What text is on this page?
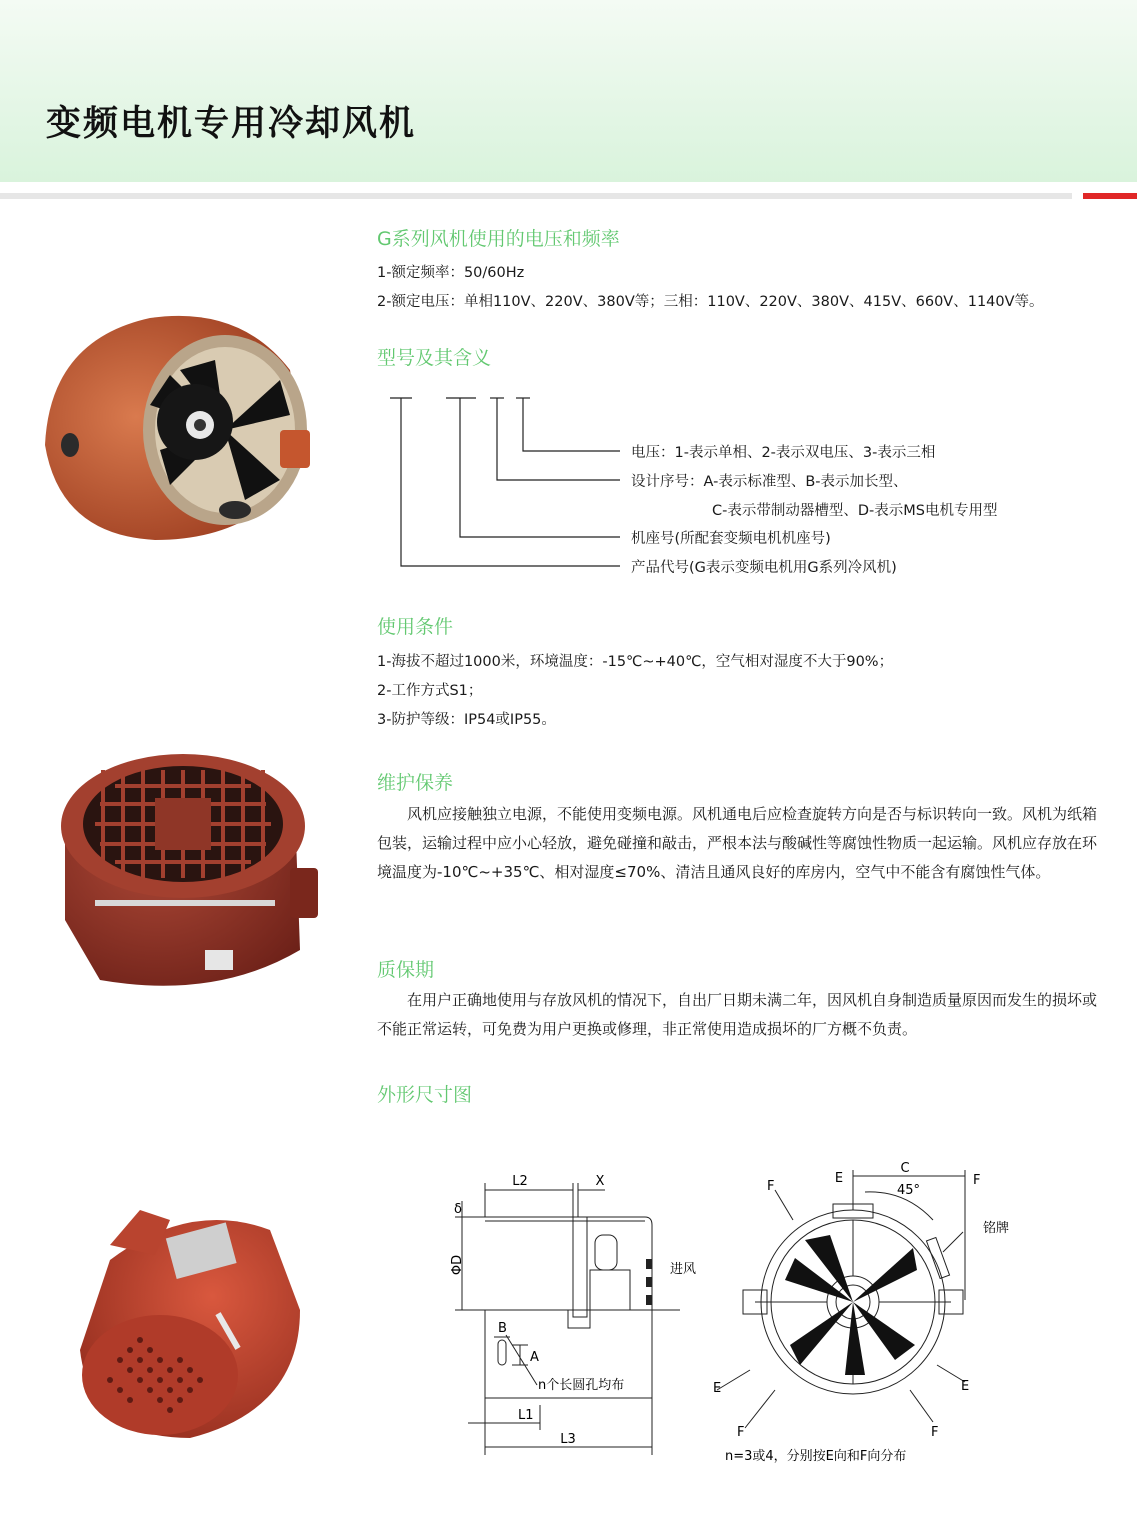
变频电机专用冷却风机
G系列风机使用的电压和频率

1-额定频率：50/60Hz

2-额定电压：单相110V、220V、380V等；三相：110V、220V、380V、415V、660V、1140V等。

型号及其含义
电压：1-表示单相、2-表示双电压、3-表示三相
设计序号：A-表示标准型、B-表示加长型、
C-表示带制动器槽型、D-表示MS电机专用型
机座号(所配套变频电机机座号)
产品代号(G表示变频电机用G系列冷风机)
使用条件

1-海拔不超过1000米，环境温度：-15℃~+40℃，空气相对湿度不大于90%；

2-工作方式S1；

3-防护等级：IP54或IP55。

维护保养

风机应接触独立电源，不能使用变频电源。风机通电后应检查旋转方向是否与标识转向一致。风机为纸箱包装，运输过程中应小心轻放，避免碰撞和敲击，严根本法与酸碱性等腐蚀性物质一起运输。风机应存放在环境温度为-10℃~+35℃、相对湿度≤70%、清洁且通风良好的库房内，空气中不能含有腐蚀性气体。

质保期

在用户正确地使用与存放风机的情况下，自出厂日期未满二年，因风机自身制造质量原因而发生的损坏或不能正常运转，可免费为用户更换或修理，非正常使用造成损坏的厂方概不负责。

外形尺寸图
L2	X
δ
ΦD	进风
B
A
n个长圆孔均布
L1
L3
C
E	F
F	45°
铭牌
E	E
F	F
n=3或4，分别按E向和F向分布
